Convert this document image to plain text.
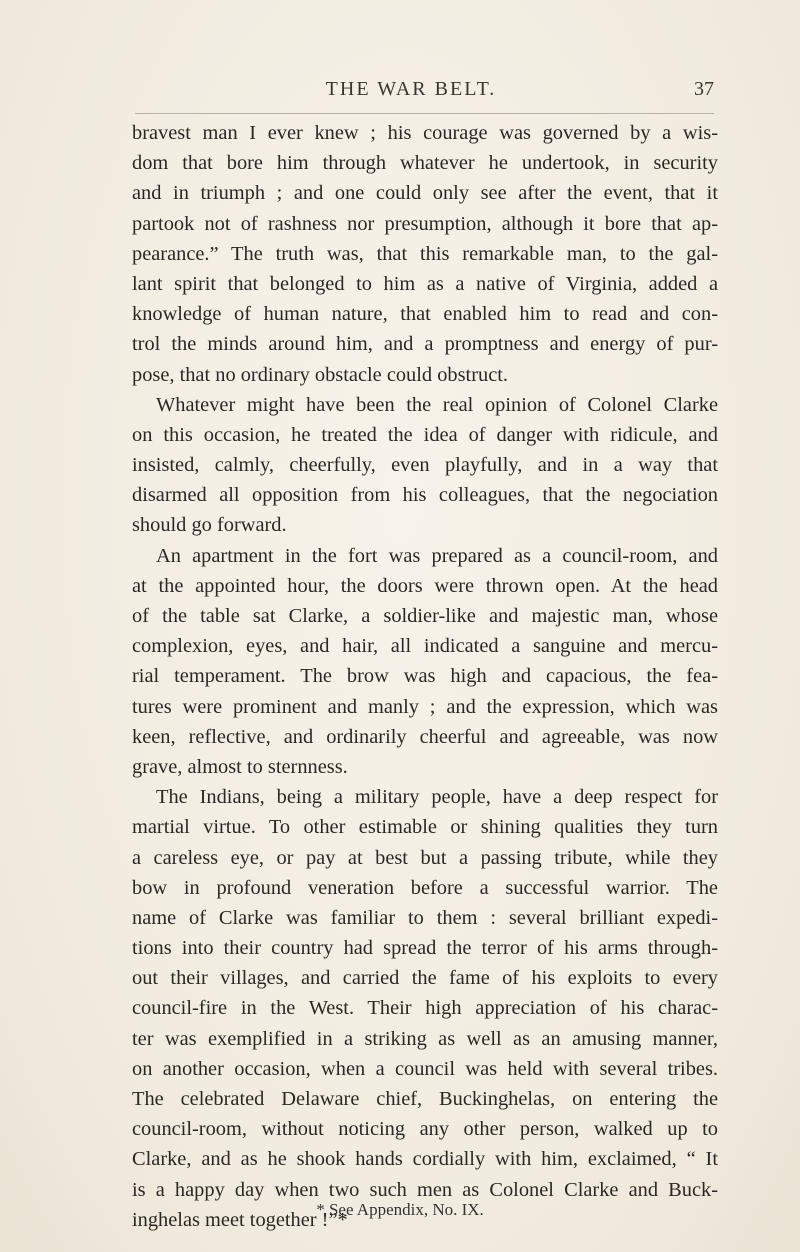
THE WAR BELT.	37
bravest man I ever knew ; his courage was governed by a wis-
dom that bore him through whatever he undertook, in security
and in triumph ; and one could only see after the event, that it
partook not of rashness nor presumption, although it bore that ap-
pearance.” The truth was, that this remarkable man, to the gal-
lant spirit that belonged to him as a native of Virginia, added a
knowledge of human nature, that enabled him to read and con-
trol the minds around him, and a promptness and energy of pur-
pose, that no ordinary obstacle could obstruct.
Whatever might have been the real opinion of Colonel Clarke
on this occasion, he treated the idea of danger with ridicule, and
insisted, calmly, cheerfully, even playfully, and in a way that
disarmed all opposition from his colleagues, that the negociation
should go forward.
An apartment in the fort was prepared as a council-room, and
at the appointed hour, the doors were thrown open. At the head
of the table sat Clarke, a soldier-like and majestic man, whose
complexion, eyes, and hair, all indicated a sanguine and mercu-
rial temperament. The brow was high and capacious, the fea-
tures were prominent and manly ; and the expression, which was
keen, reflective, and ordinarily cheerful and agreeable, was now
grave, almost to sternness.
The Indians, being a military people, have a deep respect for
martial virtue. To other estimable or shining qualities they turn
a careless eye, or pay at best but a passing tribute, while they
bow in profound veneration before a successful warrior. The
name of Clarke was familiar to them : several brilliant expedi-
tions into their country had spread the terror of his arms through-
out their villages, and carried the fame of his exploits to every
council-fire in the West. Their high appreciation of his charac-
ter was exemplified in a striking as well as an amusing manner,
on another occasion, when a council was held with several tribes.
The celebrated Delaware chief, Buckinghelas, on entering the
council-room, without noticing any other person, walked up to
Clarke, and as he shook hands cordially with him, exclaimed, “ It
is a happy day when two such men as Colonel Clarke and Buck-
inghelas meet together !”*
* See Appendix, No. IX.
